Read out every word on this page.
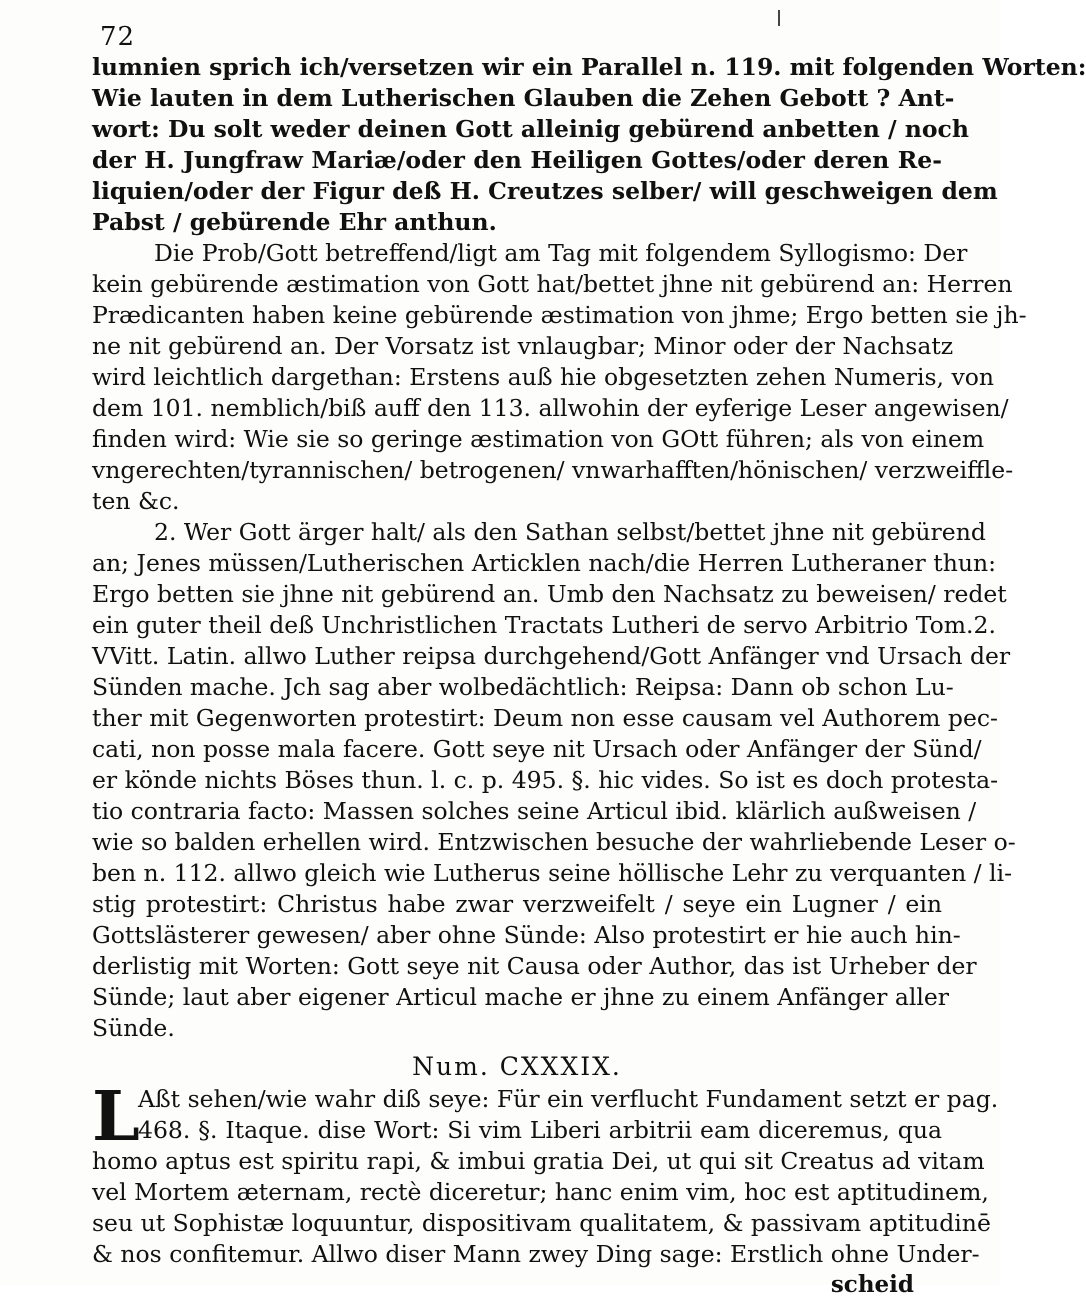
72
lumnien sprich ich/versetzen wir ein Parallel n. 119. mit folgenden Worten:
Wie lauten in dem Lutherischen Glauben die Zehen Gebott ? Ant-
wort: Du solt weder deinen Gott alleinig gebürend anbetten / noch
der H. Jungfraw Mariæ/oder den Heiligen Gottes/oder deren Re-
liquien/oder der Figur deß H. Creutzes selber/ will geschweigen dem
Pabst / gebürende Ehr anthun.
Die Prob/Gott betreffend/ligt am Tag mit folgendem Syllogismo: Der
kein gebürende æstimation von Gott hat/bettet jhne nit gebürend an: Herren
Prædicanten haben keine gebürende æstimation von jhme; Ergo betten sie jh-
ne nit gebürend an. Der Vorsatz ist vnlaugbar; Minor oder der Nachsatz
wird leichtlich dargethan: Erstens auß hie obgesetzten zehen Numeris, von
dem 101. nemblich/biß auff den 113. allwohin der eyferige Leser angewisen/
finden wird: Wie sie so geringe æstimation von GOtt führen; als von einem
vngerechten/tyrannischen/ betrogenen/ vnwarhafften/hönischen/ verzweiffle-
ten &c.
2. Wer Gott ärger halt/ als den Sathan selbst/bettet jhne nit gebürend
an; Jenes müssen/Lutherischen Articklen nach/die Herren Lutheraner thun:
Ergo betten sie jhne nit gebürend an. Umb den Nachsatz zu beweisen/ redet
ein guter theil deß Unchristlichen Tractats Lutheri de servo Arbitrio Tom.2.
VVitt. Latin. allwo Luther reipsa durchgehend/Gott Anfänger vnd Ursach der
Sünden mache. Jch sag aber wolbedächtlich: Reipsa: Dann ob schon Lu-
ther mit Gegenworten protestirt: Deum non esse causam vel Authorem pec-
cati, non posse mala facere. Gott seye nit Ursach oder Anfänger der Sünd/
er könde nichts Böses thun. l. c. p. 495. §. hic vides. So ist es doch protesta-
tio contraria facto: Massen solches seine Articul ibid. klärlich außweisen /
wie so balden erhellen wird. Entzwischen besuche der wahrliebende Leser o-
ben n. 112. allwo gleich wie Lutherus seine höllische Lehr zu verquanten / li-
stig protestirt: Christus habe zwar verzweifelt / seye ein Lugner / ein
Gottslästerer gewesen/ aber ohne Sünde: Also protestirt er hie auch hin-
derlistig mit Worten: Gott seye nit Causa oder Author, das ist Urheber der
Sünde; laut aber eigener Articul mache er jhne zu einem Anfänger aller
Sünde.
Num. CXXXIX.
L
Aßt sehen/wie wahr diß seye: Für ein verflucht Fundament setzt er pag.
468. §. Itaque. dise Wort: Si vim Liberi arbitrii eam diceremus, qua
homo aptus est spiritu rapi, & imbui gratia Dei, ut qui sit Creatus ad vitam
vel Mortem æternam, rectè diceretur; hanc enim vim, hoc est aptitudinem,
seu ut Sophistæ loquuntur, dispositivam qualitatem, & passivam aptitudinē
& nos confitemur. Allwo diser Mann zwey Ding sage: Erstlich ohne Under-
scheid
